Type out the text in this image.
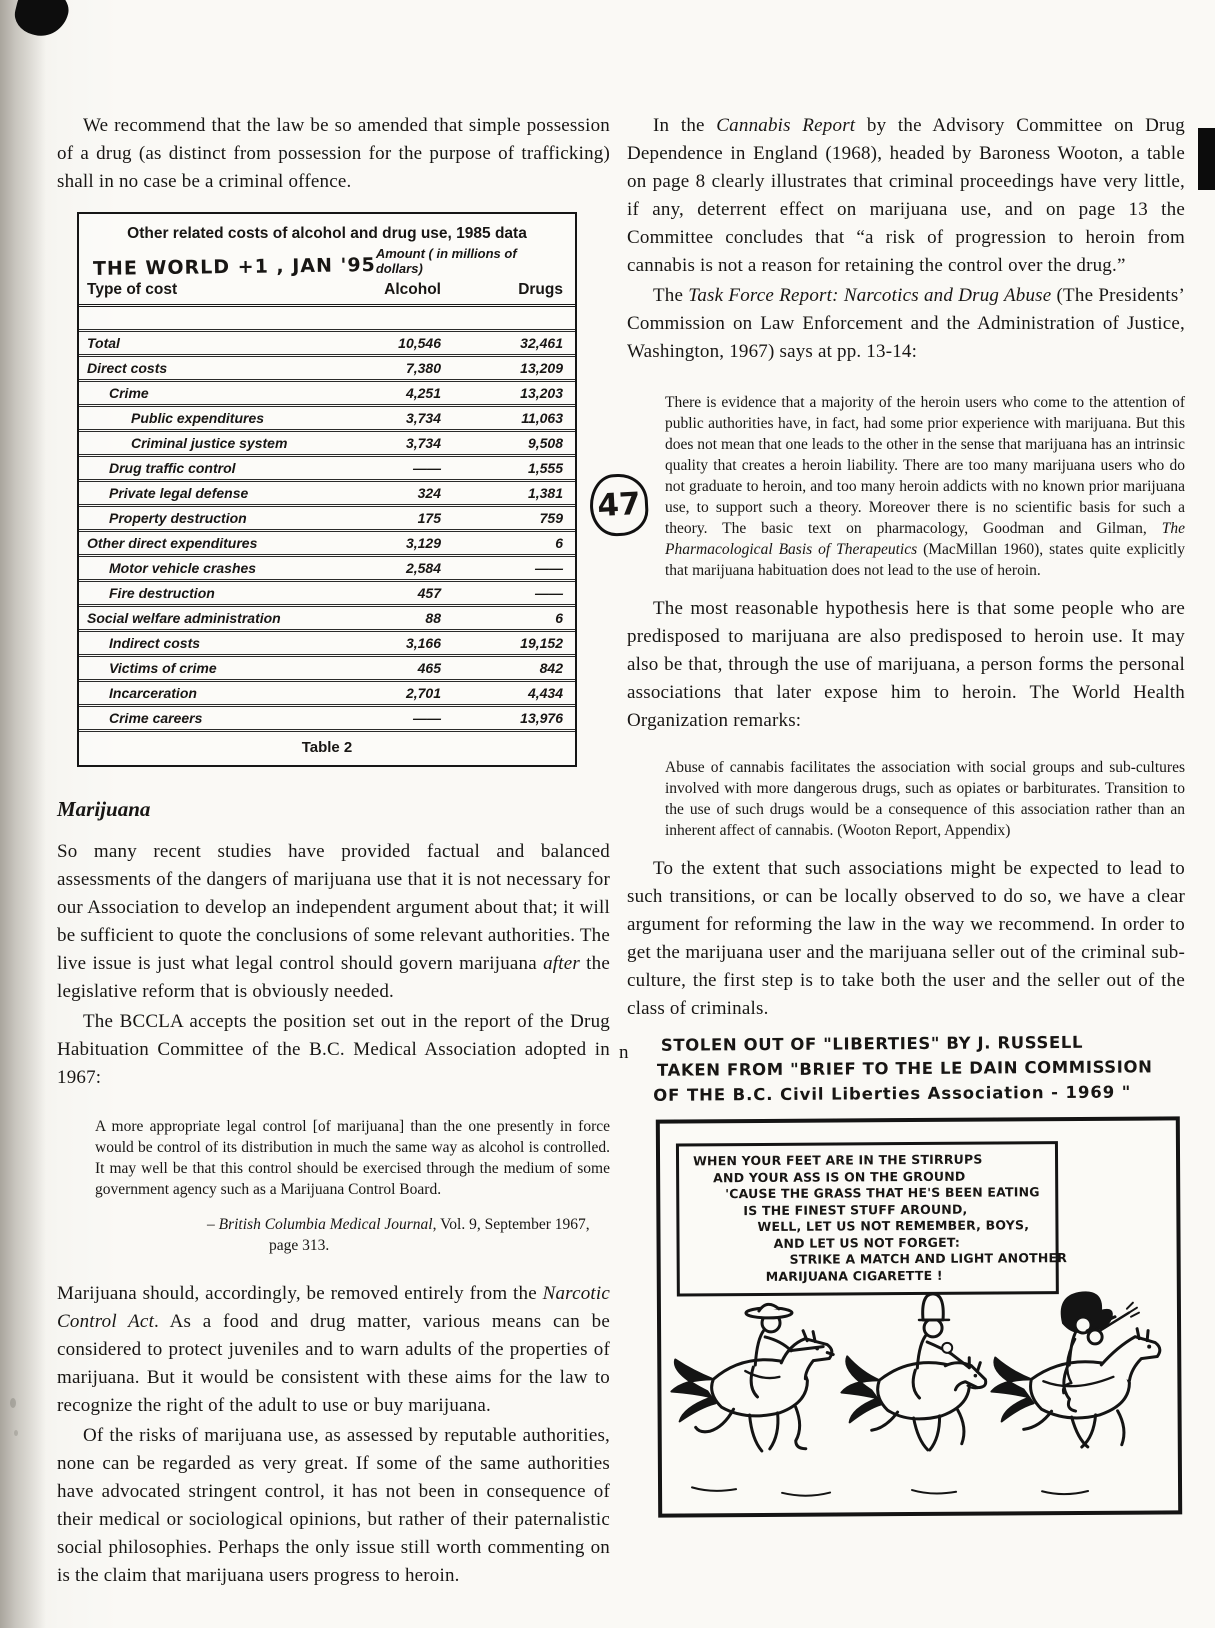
We recommend that the law be so amended that simple possession of a drug (as distinct from possession for the purpose of trafficking) shall in no case be a criminal offence.

Other related costs of alcohol and drug use, 1985 data
THE WORLD +1 , JAN '95
Amount ( in millions of dollars)
Type of cost	Alcohol	Drugs
Total	10,546	32,461
Direct costs	7,380	13,209
Crime	4,251	13,203
Public expenditures	3,734	11,063
Criminal justice system	3,734	9,508
Drug traffic control	——	1,555
Private legal defense	324	1,381
Property destruction	175	759
Other direct expenditures	3,129	6
Motor vehicle crashes	2,584	——
Fire destruction	457	——
Social welfare administration	88	6
Indirect costs	3,166	19,152
Victims of crime	465	842
Incarceration	2,701	4,434
Crime careers	——	13,976
Table 2
Marijuana

So many recent studies have provided factual and balanced assessments of the dangers of marijuana use that it is not necessary for our Association to develop an independent argument about that; it will be sufficient to quote the conclusions of some relevant authorities. The live issue is just what legal control should govern marijuana after the legislative reform that is obviously needed.

The BCCLA accepts the position set out in the report of the Drug Habituation Committee of the B.C. Medical Association adopted in 1967:

A more appropriate legal control [of marijuana] than the one presently in force would be control of its distribution in much the same way as alcohol is controlled. It may well be that this control should be exercised through the medium of some government agency such as a Marijuana Control Board.
– British Columbia Medical Journal, Vol. 9, September 1967,
page 313.

Marijuana should, accordingly, be removed entirely from the Narcotic Control Act. As a food and drug matter, various means can be considered to protect juveniles and to warn adults of the properties of marijuana. But it would be consistent with these aims for the law to recognize the right of the adult to use or buy marijuana.

Of the risks of marijuana use, as assessed by reputable authorities, none can be regarded as very great. If some of the same authorities have advocated stringent control, it has not been in consequence of their medical or sociological opinions, but rather of their paternalistic social philosophies. Perhaps the only issue still worth commenting on is the claim that marijuana users progress to heroin.

In the Cannabis Report by the Advisory Committee on Drug Dependence in England (1968), headed by Baroness Wooton, a table on page 8 clearly illustrates that criminal proceedings have very little, if any, deterrent effect on marijuana use, and on page 13 the Committee concludes that “a risk of progression to heroin from cannabis is not a reason for retaining the control over the drug.”

The Task Force Report: Narcotics and Drug Abuse (The Presidents’ Commission on Law Enforcement and the Administration of Justice, Washington, 1967) says at pp. 13-14:

There is evidence that a majority of the heroin users who come to the attention of public authorities have, in fact, had some prior experience with marijuana. But this does not mean that one leads to the other in the sense that marijuana has an intrinsic quality that creates a heroin liability. There are too many marijuana users who do not graduate to heroin, and too many heroin addicts with no known prior marijuana use, to support such a theory. Moreover there is no scientific basis for such a theory. The basic text on pharmacology, Goodman and Gilman, The Pharmacological Basis of Therapeutics (MacMillan 1960), states quite explicitly that marijuana habituation does not lead to the use of heroin.

The most reasonable hypothesis here is that some people who are predisposed to marijuana are also predisposed to heroin use. It may also be that, through the use of marijuana, a person forms the personal associations that later expose him to heroin. The World Health Organization remarks:

Abuse of cannabis facilitates the association with social groups and sub-cultures involved with more dangerous drugs, such as opiates or barbiturates. Transition to the use of such drugs would be a consequence of this association rather than an inherent affect of cannabis. (Wooton Report, Appendix)

To the extent that such associations might be expected to lead to such transitions, or can be locally observed to do so, we have a clear argument for reforming the law in the way we recommend. In order to get the marijuana user and the marijuana seller out of the criminal sub-culture, the first step is to take both the user and the seller out of the class of criminals.

STOLEN OUT OF "LIBERTIES" BY J. RUSSELL
TAKEN FROM "BRIEF TO THE LE DAIN COMMISSION
OF THE B.C. Civil Liberties Association - 1969 "
WHEN YOUR FEET ARE IN THE STIRRUPS
AND YOUR ASS IS ON THE GROUND
'CAUSE THE GRASS THAT HE'S BEEN EATING
IS THE FINEST STUFF AROUND,
WELL, LET US NOT REMEMBER, BOYS,
AND LET US NOT FORGET:
STRIKE A MATCH AND LIGHT ANOTHER
MARIJUANA CIGARETTE !
47
n
